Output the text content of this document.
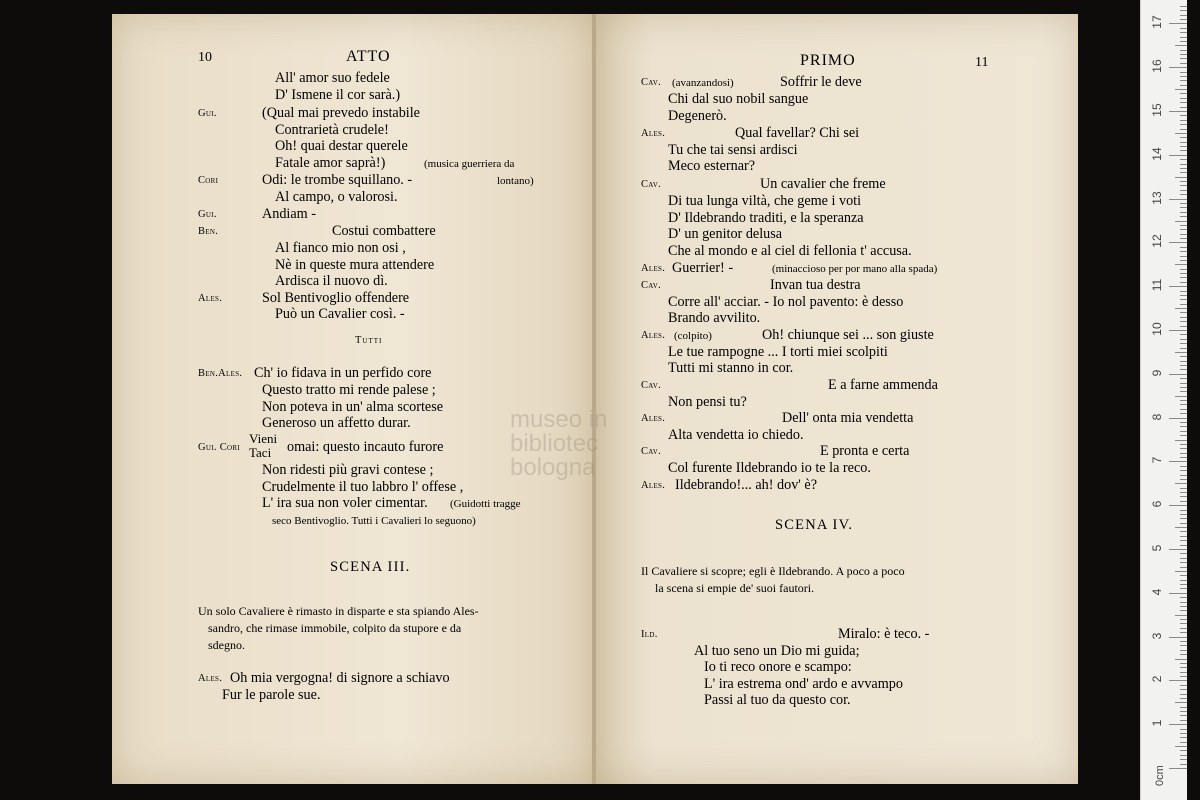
10	ATTO
All' amor suo fedele
D' Ismene il cor sarà.)
Gui.	(Qual mai prevedo instabile
Contrarietà crudele!
Oh! quai destar querele
Fatale amor saprà!)	(musica guerriera da
Cori	Odi: le trombe squillano. -	lontano)
Al campo, o valorosi.
Gui.	Andiam -
Ben.	Costui combattere
Al fianco mio non osi ,
Nè in queste mura attendere
Ardisca il nuovo dì.
Ales.	Sol Bentivoglio offendere
Può un Cavalier così. -
Tutti
Ben.Ales. Ch' io fidava in un perfido core
Questo tratto mi rende palese ;
Non poteva in un' alma scortese
Generoso un affetto durar.
Gui. Cori
Vieni
Taci omai: questo incauto furore
Non ridesti più gravi contese ;
Crudelmente il tuo labbro l' offese ,
L' ira sua non voler cimentar. (Guidotti tragge
seco Bentivoglio. Tutti i Cavalieri lo seguono)
SCENA III.
Un solo Cavaliere è rimasto in disparte e sta spiando Ales-
sandro, che rimase immobile, colpito da stupore e da
sdegno.
Ales. Oh mia vergogna! di signore a schiavo
Fur le parole sue.
PRIMO	11
Cav. (avanzandosi)	Soffrir le deve
Chi dal suo nobil sangue
Degenerò.
Ales.	Qual favellar? Chi sei
Tu che tai sensi ardisci
Meco esternar?
Cav.	Un cavalier che freme
Di tua lunga viltà, che geme i voti
D' Ildebrando traditi, e la speranza
D' un genitor delusa
Che al mondo e al ciel di fellonia t' accusa.
Ales. Guerrier! -	(minaccioso per por mano alla spada)
Cav.	Invan tua destra
Corre all' acciar. - Io nol pavento: è desso
Brando avvilito.
Ales. (colpito)	Oh! chiunque sei ... son giuste
Le tue rampogne ... I torti miei scolpiti
Tutti mi stanno in cor.
Cav.	E a farne ammenda
Non pensi tu?
Ales.	Dell' onta mia vendetta
Alta vendetta io chiedo.
Cav.	E pronta e certa
Col furente Ildebrando io te la reco.
Ales. Ildebrando!... ah! dov' è?
SCENA IV.
Il Cavaliere si scopre; egli è Ildebrando. A poco a poco
la scena si empie de' suoi fautori.
Ild.	Miralo: è teco. -
Al tuo seno un Dio mi guida;
Io ti reco onore e scampo:
L' ira estrema ond' ardo e avvampo
Passi al tuo da questo cor.
museo in
bibliotec
bologna
0cm
1
2
3
4
5
6
7
8
9
10
11
12
13
14
15
16
17
